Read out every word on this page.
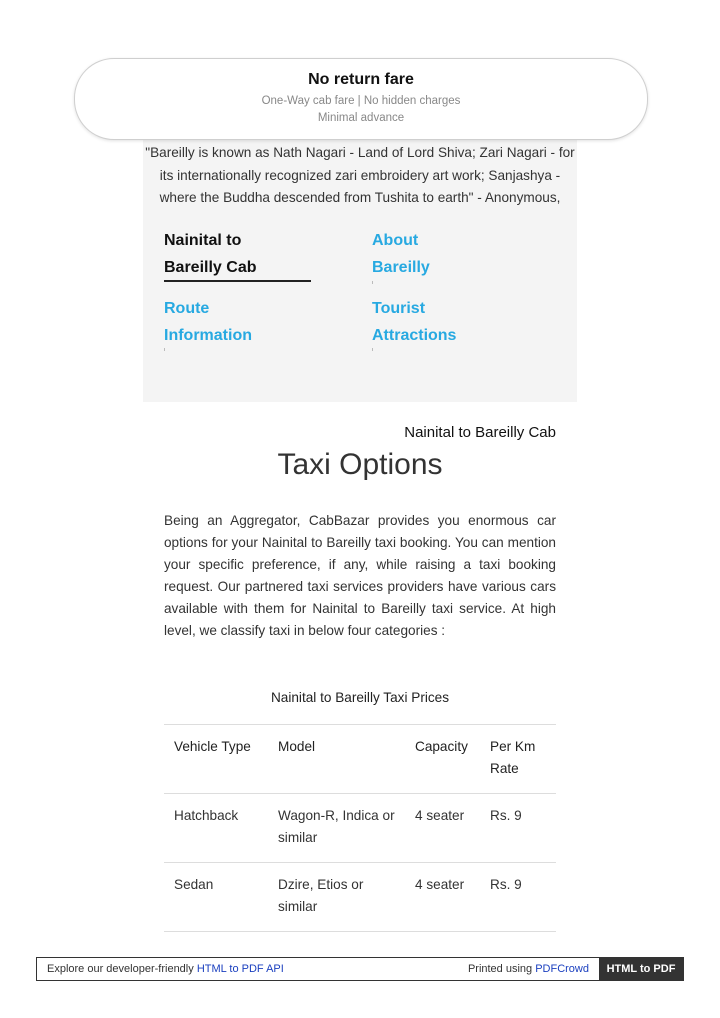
No return fare
One-Way cab fare | No hidden charges
Minimal advance
"Bareilly is known as Nath Nagari - Land of Lord Shiva; Zari Nagari - for its internationally recognized zari embroidery art work; Sanjashya - where the Buddha descended from Tushita to earth" - Anonymous,
Nainital to
Bareilly Cab
About
Bareilly
Route
Information
Tourist
Attractions
Nainital to Bareilly Cab
Taxi Options
Being an Aggregator, CabBazar provides you enormous car options for your Nainital to Bareilly taxi booking. You can mention your specific preference, if any, while raising a taxi booking request. Our partnered taxi services providers have various cars available with them for Nainital to Bareilly taxi service. At high level, we classify taxi in below four categories :
Nainital to Bareilly Taxi Prices
Vehicle Type	Model	Capacity	Per Km Rate
Hatchback	Wagon-R, Indica or similar	4 seater	Rs. 9
Sedan	Dzire, Etios or similar	4 seater	Rs. 9
Explore our developer-friendly HTML to PDF API	Printed using PDFCrowd	HTML to PDF
